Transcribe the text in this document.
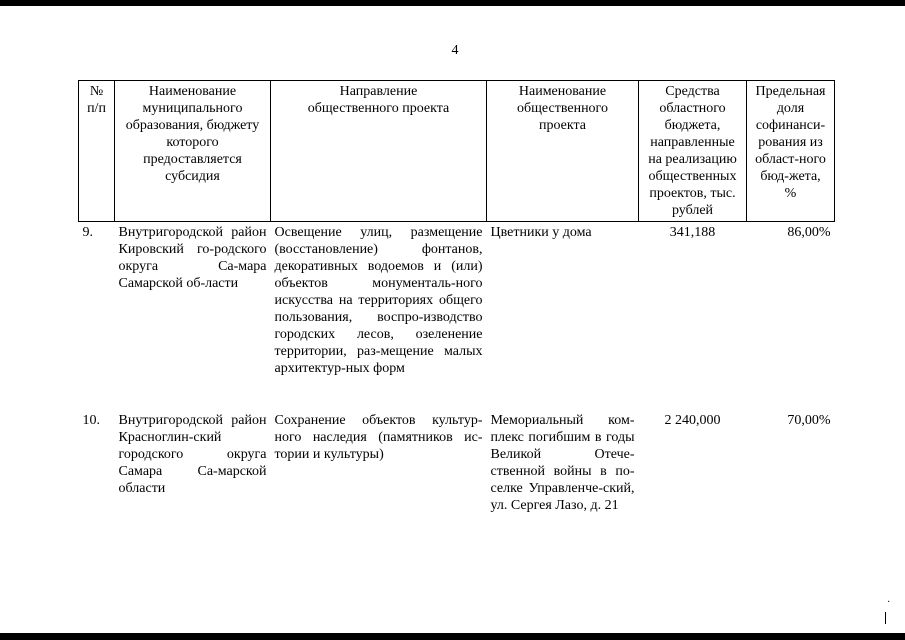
4
№ п/п	Наименование муниципального образования, бюджету которого предоставляется субсидия	Направление общественного проекта	Наименование общественного проекта	Средства областного бюджета, направленные на реализацию общественных проектов, тыс. рублей	Предельная доля софинанси-рования из област-ного бюд-жета, %
9.	Внутригородской район Кировский го-родского округа Са-мара Самарской об-ласти	Освещение улиц, размещение (восстановление) фонтанов, декоративных водоемов и (или) объектов монументаль-ного искусства на территориях общего пользования, воспро-изводство городских лесов, озеленение территории, раз-мещение малых архитектур-ных форм	Цветники у дома	341,188	86,00%
10.	Внутригородской район Красноглин-ский городского округа Самара Са-марской области	Сохранение объектов культур-ного наследия (памятников ис-тории и культуры)	Мемориальный ком-плекс погибшим в годы Великой Отече-ственной войны в по-селке Управленче-ский, ул. Сергея Лазо, д. 21	2 240,000	70,00%
·
